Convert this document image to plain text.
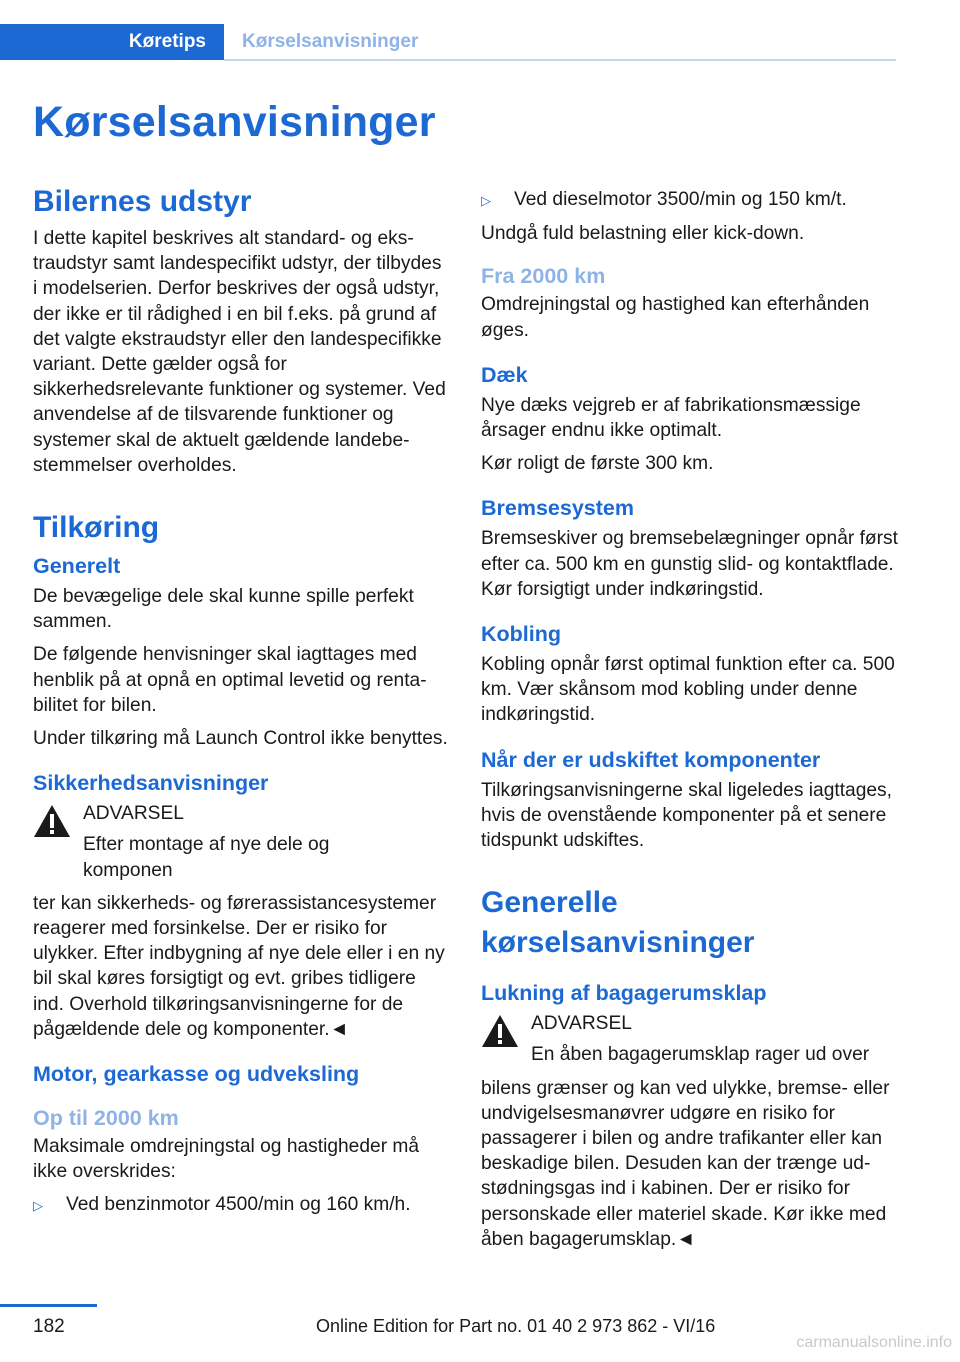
Køretips	Kørselsanvisninger
Kørselsanvisninger
Bilernes udstyr

I dette kapitel beskrives alt standard- og ekstraudstyr samt landespecifikt udstyr, der tilbydes i modelserien. Derfor beskrives der også udstyr, der ikke er til rådighed i en bil f.eks. på grund af det valgte ekstraudstyr eller den landespecifikke variant. Dette gælder også for sikkerhedsrelevante funktioner og systemer. Ved anvendelse af de tilsvarende funktioner og systemer skal de aktuelt gældende landebestemmelser overholdes.

Tilkøring
Generelt

De bevægelige dele skal kunne spille perfekt sammen.

De følgende henvisninger skal iagttages med henblik på at opnå en optimal levetid og rentabilitet for bilen.

Under tilkøring må Launch Control ikke benyttes.

Sikkerhedsanvisninger

ADVARSEL

Efter montage af nye dele og komponen

ter kan sikkerheds- og førerassistancesystemer reagerer med forsinkelse. Der er risiko for ulykker. Efter indbygning af nye dele eller i en ny bil skal køres forsigtigt og evt. gribes tidligere ind. Overhold tilkøringsanvisningerne for de pågældende dele og komponenter.◄

Motor, gearkasse og udveksling
Op til 2000 km

Maksimale omdrejningstal og hastigheder må ikke overskrides:

▷	Ved benzinmotor 4500/min og 160 km/h.
▷	Ved dieselmotor 3500/min og 150 km/t.

Undgå fuld belastning eller kick-down.

Fra 2000 km

Omdrejningstal og hastighed kan efterhånden øges.

Dæk

Nye dæks vejgreb er af fabrikationsmæssige årsager endnu ikke optimalt.

Kør roligt de første 300 km.

Bremsesystem

Bremseskiver og bremsebelægninger opnår først efter ca. 500 km en gunstig slid- og kontaktflade. Kør forsigtigt under indkøringstid.

Kobling

Kobling opnår først optimal funktion efter ca. 500 km. Vær skånsom mod kobling under denne indkøringstid.

Når der er udskiftet komponenter

Tilkøringsanvisningerne skal ligeledes iagttages, hvis de ovenstående komponenter på et senere tidspunkt udskiftes.

Generelle kørselsanvisninger
Lukning af bagagerumsklap

ADVARSEL

En åben bagagerumsklap rager ud over

bilens grænser og kan ved ulykke, bremse- eller undvigelsesmanøvrer udgøre en risiko for passagerer i bilen og andre trafikanter eller kan beskadige bilen. Desuden kan der trænge udstødningsgas ind i kabinen. Der er risiko for personskade eller materiel skade. Kør ikke med åben bagagerumsklap.◄

182	Online Edition for Part no. 01 40 2 973 862 - VI/16
carmanualsonline.info
